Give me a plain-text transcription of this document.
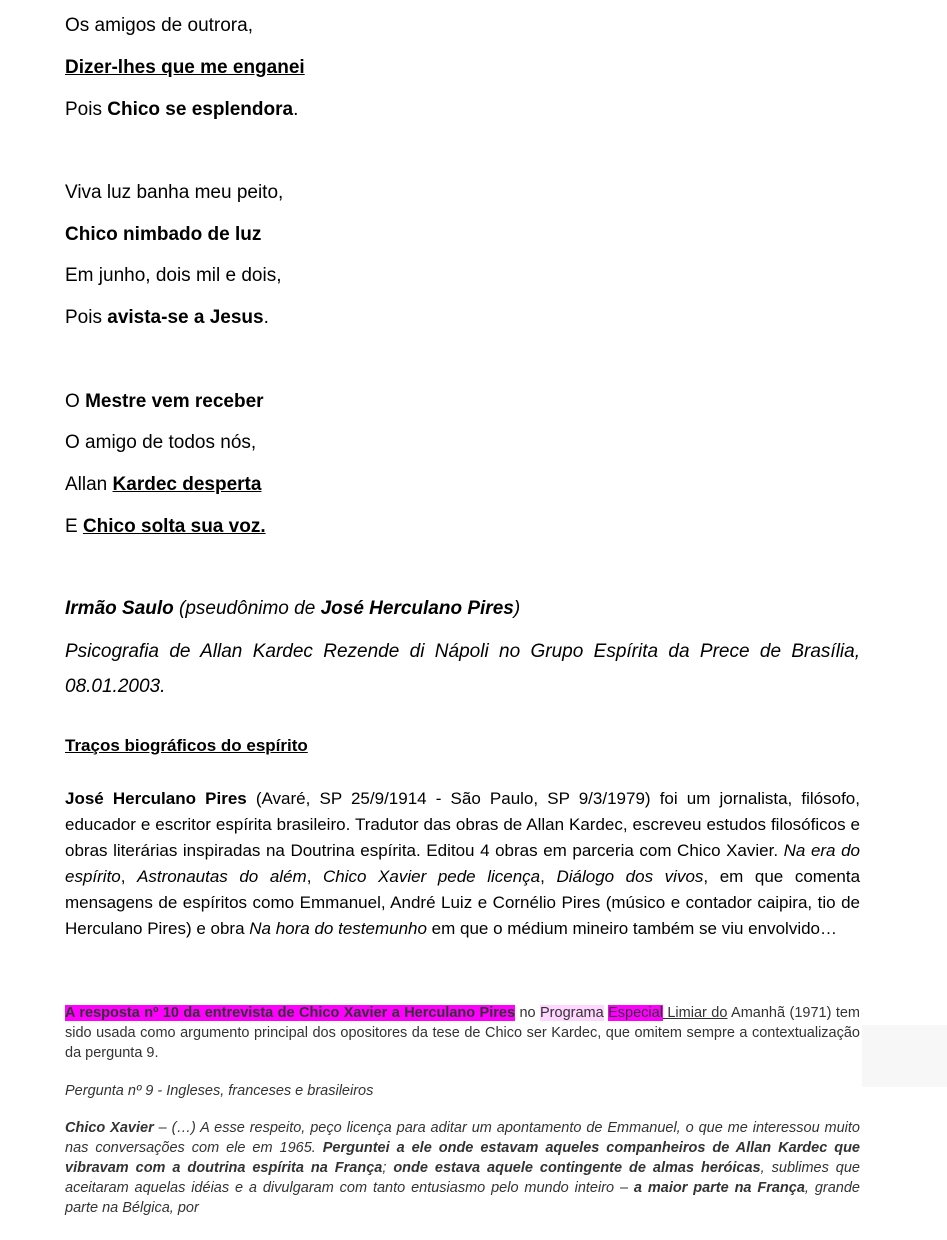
Os amigos de outrora,
Dizer-lhes que me enganei
Pois Chico se esplendora.
Viva luz banha meu peito,
Chico nimbado de luz
Em junho, dois mil e dois,
Pois avista-se a Jesus.
O Mestre vem receber
O amigo de todos nós,
Allan Kardec desperta
E Chico solta sua voz.
Irmão Saulo (pseudônimo de José Herculano Pires)
Psicografia de Allan Kardec Rezende di Nápoli no Grupo Espírita da Prece de Brasília, 08.01.2003.
Traços biográficos do espírito
José Herculano Pires (Avaré, SP 25/9/1914 - São Paulo, SP 9/3/1979) foi um jornalista, filósofo, educador e escritor espírita brasileiro. Tradutor das obras de Allan Kardec, escreveu estudos filosóficos e obras literárias inspiradas na Doutrina espírita. Editou 4 obras em parceria com Chico Xavier. Na era do espírito, Astronautas do além, Chico Xavier pede licença, Diálogo dos vivos, em que comenta mensagens de espíritos como Emmanuel, André Luiz e Cornélio Pires (músico e contador caipira, tio de Herculano Pires) e obra Na hora do testemunho em que o médium mineiro também se viu envolvido…
A resposta nº 10 da entrevista de Chico Xavier a Herculano Pires no Programa Especial Limiar do Amanhã (1971) tem sido usada como argumento principal dos opositores da tese de Chico ser Kardec, que omitem sempre a contextualização da pergunta 9.
Pergunta nº 9 - Ingleses, franceses e brasileiros
Chico Xavier – (…) A esse respeito, peço licença para aditar um apontamento de Emmanuel, o que me interessou muito nas conversações com ele em 1965. Perguntei a ele onde estavam aqueles companheiros de Allan Kardec que vibravam com a doutrina espírita na França; onde estava aquele contingente de almas heróicas, sublimes que aceitaram aquelas idéias e a divulgaram com tanto entusiasmo pelo mundo inteiro – a maior parte na França, grande parte na Bélgica, por
